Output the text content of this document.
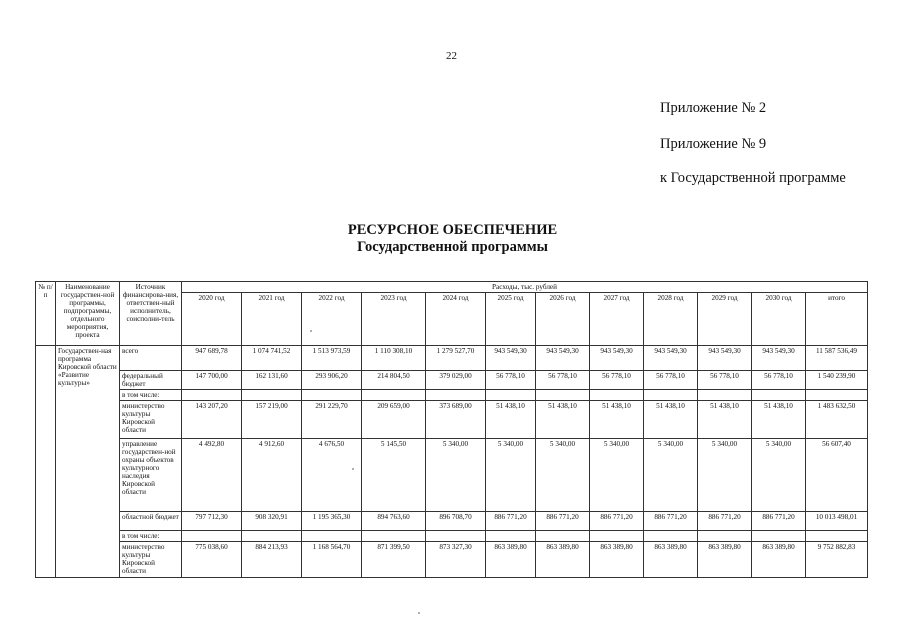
22
Приложение № 2
Приложение № 9
к Государственной программе
РЕСУРСНОЕ ОБЕСПЕЧЕНИЕ
Государственной программы
№ п/п	Наименование государствен-ной программы, подпрограммы, отдельного мероприятия, проекта	Источник финансирова-ния, ответствен-ный исполнитель, соисполни-тель	Расходы, тыс. рублей											
			2020 год	2021 год	2022 год	2023 год	2024 год	2025 год	2026 год	2027 год	2028 год	2029 год	2030 год	итого
	Государствен-ная программа Кировской области «Развитие культуры»	всего	947 689,78	1 074 741,52	1 513 973,59	1 110 308,10	1 279 527,70	943 549,30	943 549,30	943 549,30	943 549,30	943 549,30	943 549,30	11 587 536,49
		федеральный бюджет	147 700,00	162 131,60	293 906,20	214 804,50	379 029,00	56 778,10	56 778,10	56 778,10	56 778,10	56 778,10	56 778,10	1 540 239,90
		в том числе:												
		министерство культуры Кировской области	143 207,20	157 219,00	291 229,70	209 659,00	373 689,00	51 438,10	51 438,10	51 438,10	51 438,10	51 438,10	51 438,10	1 483 632,50
		управление государствен-ной охраны объектов культурного наследия Кировской области	4 492,80	4 912,60	4 676,50	5 145,50	5 340,00	5 340,00	5 340,00	5 340,00	5 340,00	5 340,00	5 340,00	56 607,40
		областной бюджет	797 712,30	908 320,91	1 195 365,30	894 763,60	896 708,70	886 771,20	886 771,20	886 771,20	886 771,20	886 771,20	886 771,20	10 013 498,01
		в том числе:												
		министерство культуры Кировской области	775 038,60	884 213,93	1 168 564,70	871 399,50	873 327,30	863 389,80	863 389,80	863 389,80	863 389,80	863 389,80	863 389,80	9 752 882,83
